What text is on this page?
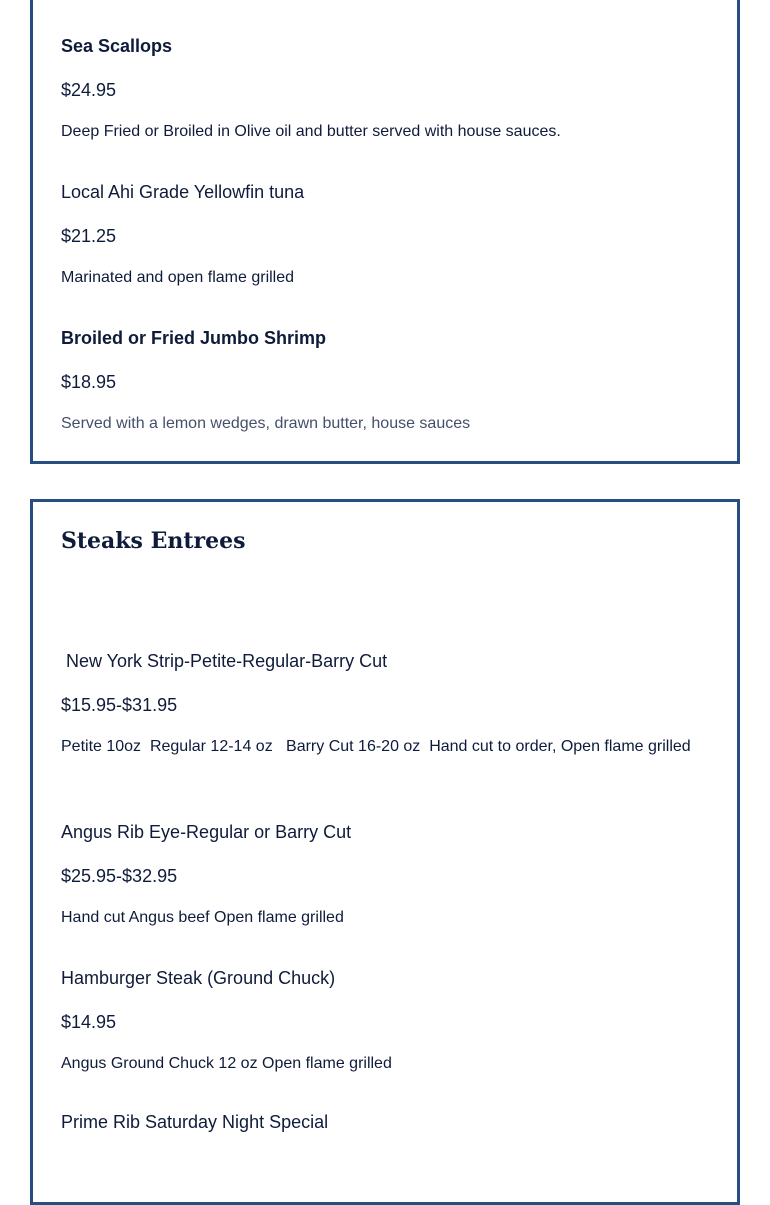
Sea Scallops
$24.95
Deep Fried or Broiled in Olive oil and butter served with house sauces.
Local Ahi Grade Yellowfin tuna
$21.25
Marinated and open flame grilled
Broiled or Fried Jumbo Shrimp
$18.95
Served with a lemon wedges, drawn butter, house sauces
Steaks Entrees
New York Strip-Petite-Regular-Barry Cut
$15.95-$31.95
Petite 10oz  Regular 12-14 oz   Barry Cut 16-20 oz  Hand cut to order, Open flame grilled
Angus Rib Eye-Regular or Barry Cut
$25.95-$32.95
Hand cut Angus beef Open flame grilled
Hamburger Steak (Ground Chuck)
$14.95
Angus Ground Chuck 12 oz Open flame grilled
Prime Rib Saturday Night Special
